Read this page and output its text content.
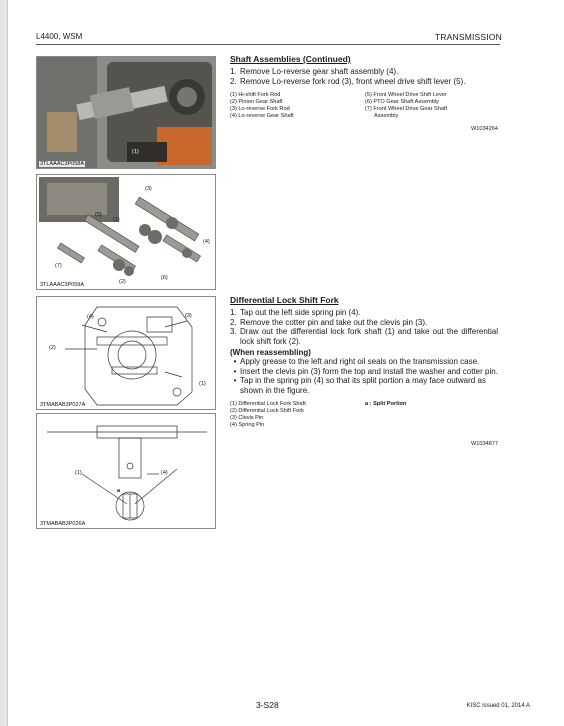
L4400, WSM	TRANSMISSION
(1)
3TLAAAC3P058A
(3)
(4)
(5)
(1)
(7)
(2)
(6)
3TLAAAC3P059A
(4)	(3)
(2)
(1)
3TMABAB3P027A
(1)	(4)
a
3TMABAB3P026A
Shaft Assemblies (Continued)
1. Remove Lo-reverse gear shaft assembly (4).
2. Remove Lo-reverse fork rod (3), front wheel drive shift lever (5).
(1) Hi-shift Fork Rod	(5) Front Wheel Drive Shift Lever
(2) Pinion Gear Shaft	(6) PTO Gear Shaft Assembly
(3) Lo-reverse Fork Rod	(7) Front Wheel Drive Gear Shaft
(4) Lo-reverse Gear Shaft	Assembly
W1034264
Differential Lock Shift Fork
1. Tap out the left side spring pin (4).
2. Remove the cotter pin and take out the clevis pin (3).
3. Draw out the differential lock fork shaft (1) and take out the differential lock shift fork (2).
(When reassembling)
• Apply grease to the left and right oil seals on the transmission case.
• Insert the clevis pin (3) form the top and install the washer and cotter pin.
• Tap in the spring pin (4) so that its split portion a may face outward as shown in the figure.
(1) Differential Lock Fork Shaft	a : Split Portion
(2) Differential Lock Shift Fork
(3) Clevis Pin
(4) Spring Pin
W1034877
3-S28	KISC issued 01, 2014 A
